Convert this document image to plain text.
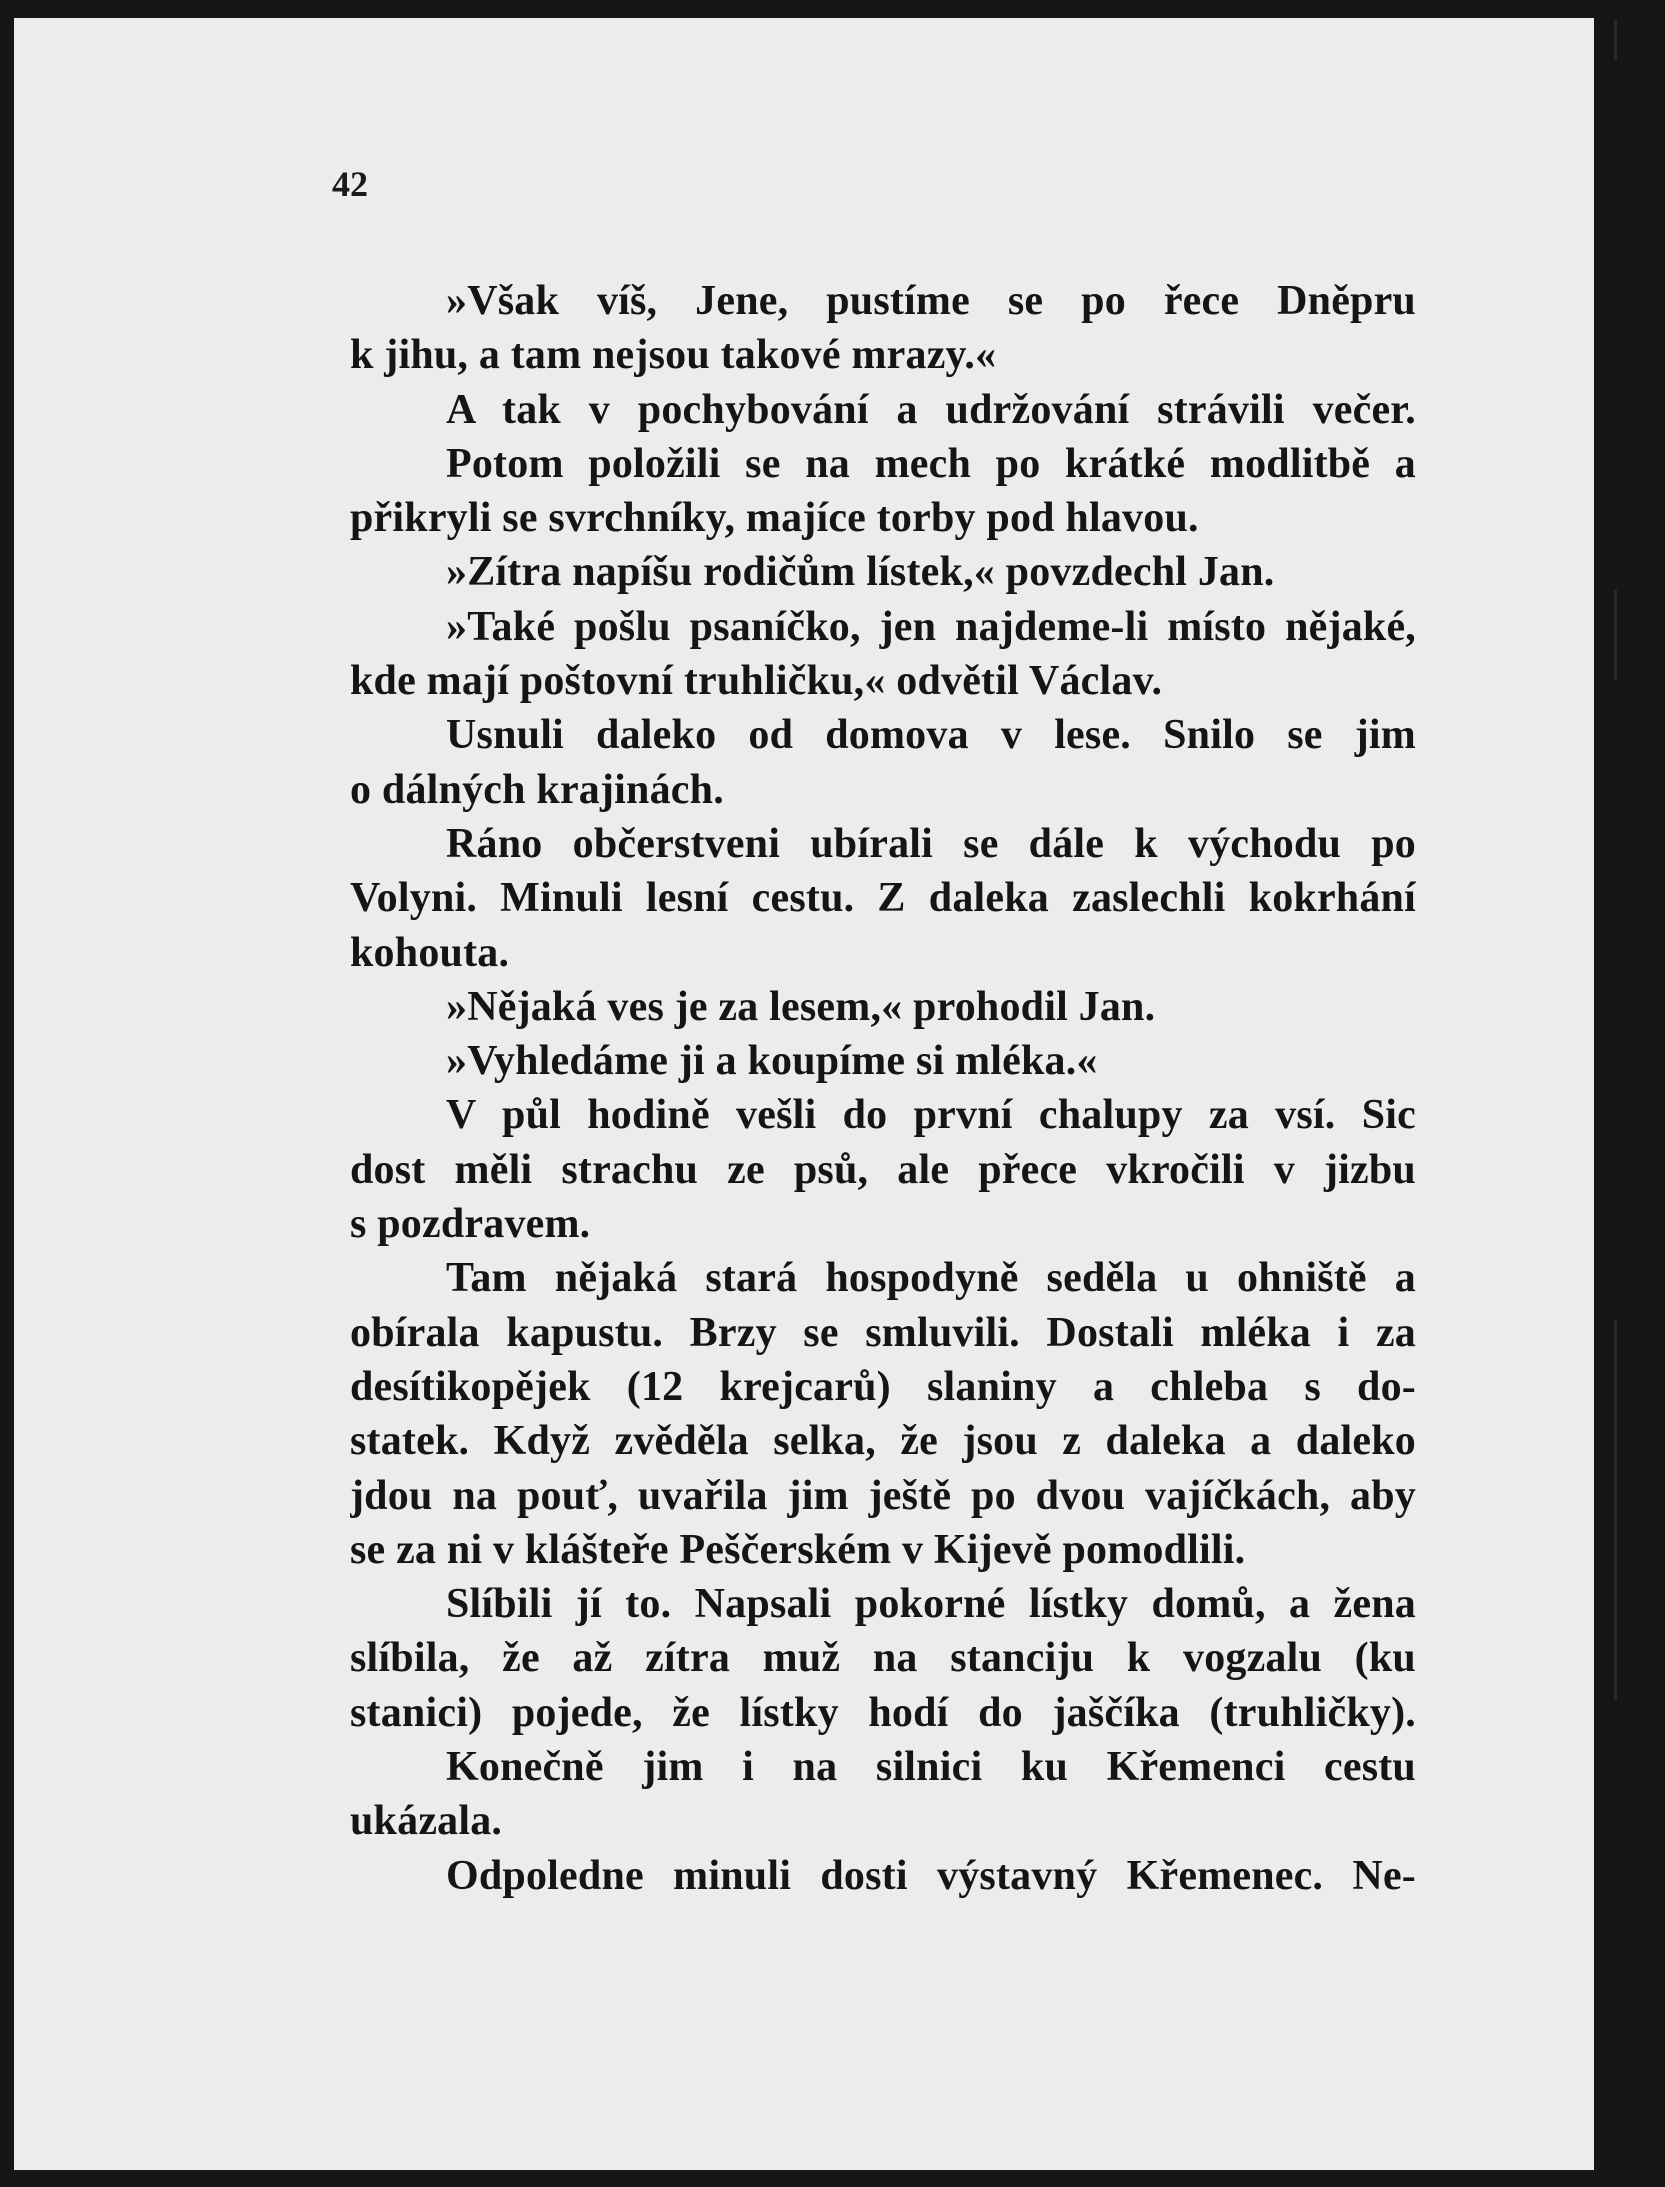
42
»Však víš, Jene, pustíme se po řece Dněpru
k jihu, a tam nejsou takové mrazy.«
A tak v pochybování a udržování strávili večer.
Potom položili se na mech po krátké modlitbě a
přikryli se svrchníky, majíce torby pod hlavou.
»Zítra napíšu rodičům lístek,« povzdechl Jan.
»Také pošlu psaníčko, jen najdeme-li místo nějaké,
kde mají poštovní truhličku,« odvětil Václav.
Usnuli daleko od domova v lese. Snilo se jim
o dálných krajinách.
Ráno občerstveni ubírali se dále k východu po
Volyni. Minuli lesní cestu. Z daleka zaslechli kokrhání
kohouta.
»Nějaká ves je za lesem,« prohodil Jan.
»Vyhledáme ji a koupíme si mléka.«
V půl hodině vešli do první chalupy za vsí. Sic
dost měli strachu ze psů, ale přece vkročili v jizbu
s pozdravem.
Tam nějaká stará hospodyně seděla u ohniště a
obírala kapustu. Brzy se smluvili. Dostali mléka i za
desítikopějek (12 krejcarů) slaniny a chleba s do-
statek. Když zvěděla selka, že jsou z daleka a daleko
jdou na pouť, uvařila jim ještě po dvou vajíčkách, aby
se za ni v klášteře Peščerském v Kijevě pomodlili.
Slíbili jí to. Napsali pokorné lístky domů, a žena
slíbila, že až zítra muž na stanciju k vogzalu (ku
stanici) pojede, že lístky hodí do jaščíka (truhličky).
Konečně jim i na silnici ku Křemenci cestu
ukázala.
Odpoledne minuli dosti výstavný Křemenec. Ne-
